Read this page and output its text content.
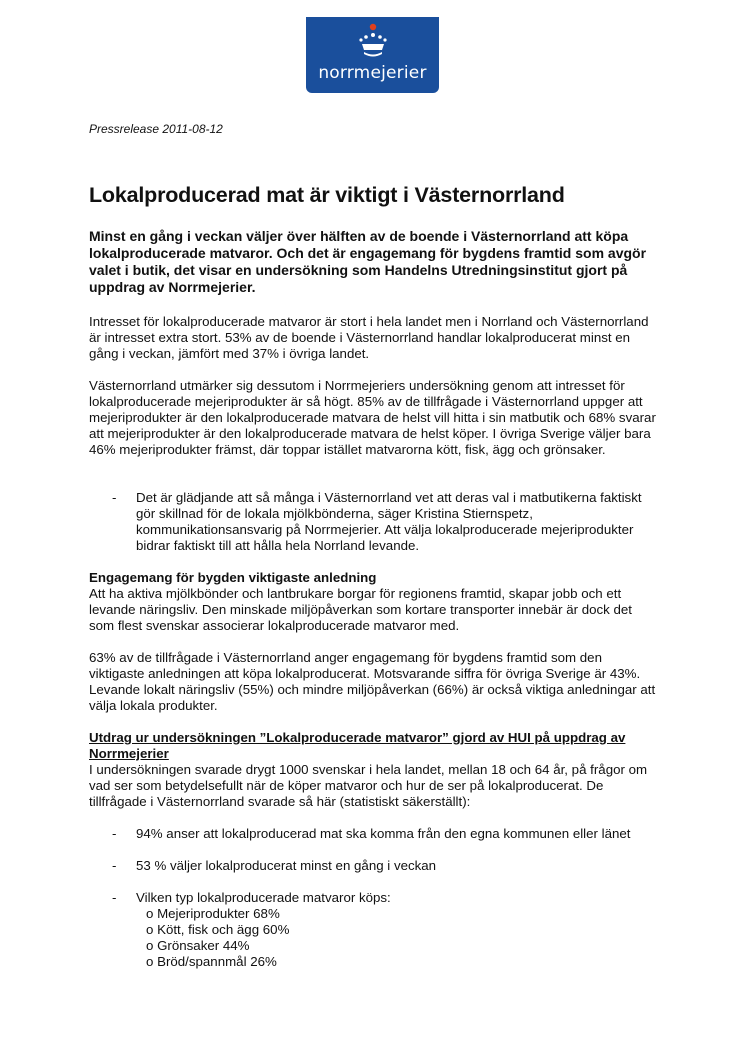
norrmejerier
Pressrelease 2011-08-12
Lokalproducerad mat är viktigt i Västernorrland
Minst en gång i veckan väljer över hälften av de boende i Västernorrland att köpa lokalproducerade matvaror. Och det är engagemang för bygdens framtid som avgör valet i butik, det visar en undersökning som Handelns Utredningsinstitut gjort på uppdrag av Norrmejerier.
Intresset för lokalproducerade matvaror är stort i hela landet men i Norrland och Västernorrland är intresset extra stort. 53% av de boende i Västernorrland handlar lokalproducerat minst en gång i veckan, jämfört med 37% i övriga landet.
Västernorrland utmärker sig dessutom i Norrmejeriers undersökning genom att intresset för lokalproducerade mejeriprodukter är så högt. 85% av de tillfrågade i Västernorrland uppger att mejeriprodukter är den lokalproducerade matvara de helst vill hitta i sin matbutik och 68% svarar att mejeriprodukter är den lokalproducerade matvara de helst köper. I övriga Sverige väljer bara 46% mejeriprodukter främst, där toppar istället matvarorna kött, fisk, ägg och grönsaker.
- Det är glädjande att så många i Västernorrland vet att deras val i matbutikerna faktiskt gör skillnad för de lokala mjölkbönderna, säger Kristina Stiernspetz, kommunikationsansvarig på Norrmejerier. Att välja lokalproducerade mejeriprodukter bidrar faktiskt till att hålla hela Norrland levande.
Engagemang för bygden viktigaste anledning
Att ha aktiva mjölkbönder och lantbrukare borgar för regionens framtid, skapar jobb och ett levande näringsliv. Den minskade miljöpåverkan som kortare transporter innebär är dock det som flest svenskar associerar lokalproducerade matvaror med.
63% av de tillfrågade i Västernorrland anger engagemang för bygdens framtid som den viktigaste anledningen att köpa lokalproducerat. Motsvarande siffra för övriga Sverige är 43%. Levande lokalt näringsliv (55%) och mindre miljöpåverkan (66%) är också viktiga anledningar att välja lokala produkter.
Utdrag ur undersökningen ”Lokalproducerade matvaror” gjord av HUI på uppdrag av Norrmejerier
I undersökningen svarade drygt 1000 svenskar i hela landet, mellan 18 och 64 år, på frågor om vad ser som betydelsefullt när de köper matvaror och hur de ser på lokalproducerat. De tillfrågade i Västernorrland svarade så här (statistiskt säkerställt):
- 94% anser att lokalproducerad mat ska komma från den egna kommunen eller länet
- 53 % väljer lokalproducerat minst en gång i veckan
- Vilken typ lokalproducerade matvaror köps:
o Mejeriprodukter 68%
o Kött, fisk och ägg 60%
o Grönsaker 44%
o Bröd/spannmål 26%
